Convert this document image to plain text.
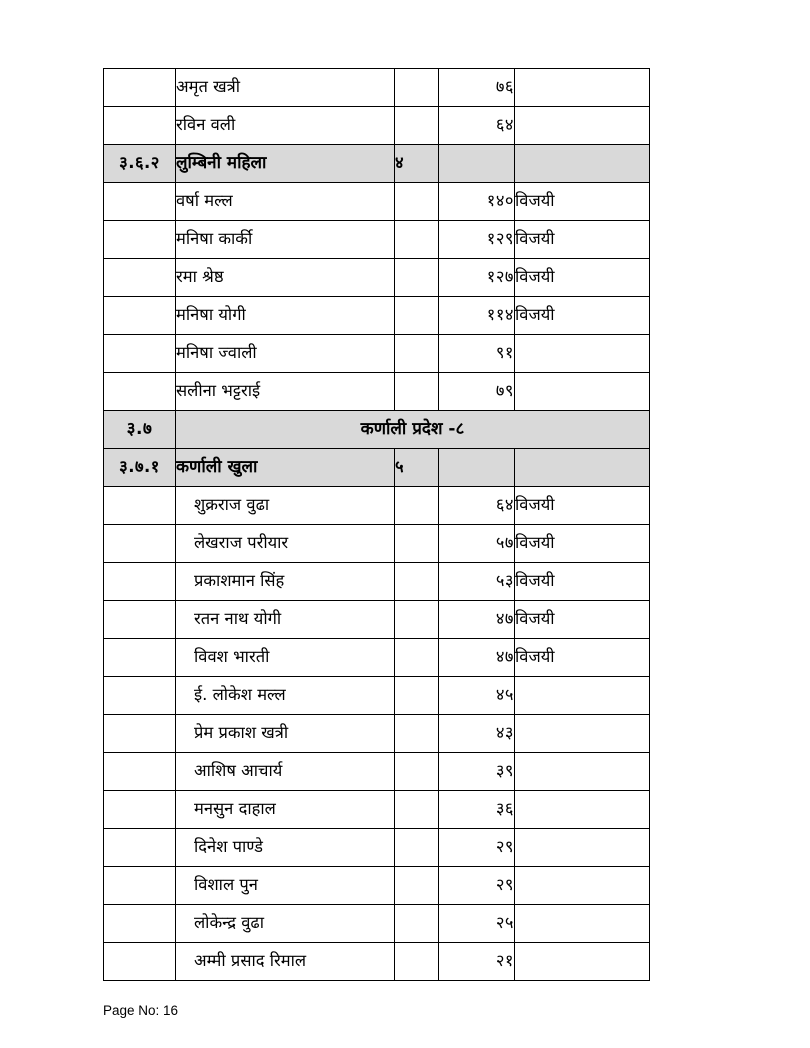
	अमृत खत्री		७६	
	रविन वली		६४	
३.६.२	लुम्बिनी महिला	४		
	वर्षा मल्ल		१४०	विजयी
	मनिषा कार्की		१२९	विजयी
	रमा श्रेष्ठ		१२७	विजयी
	मनिषा योगी		११४	विजयी
	मनिषा ज्वाली		९१	
	सलीना भट्टराई		७९	
३.७	कर्णाली प्रदेश -८			
३.७.१	कर्णाली खुला	५		
	शुक्रराज वुढा		६४	विजयी
	लेखराज परीयार		५७	विजयी
	प्रकाशमान सिंह		५३	विजयी
	रतन नाथ योगी		४७	विजयी
	विवश भारती		४७	विजयी
	ई. लोकेश मल्ल		४५	
	प्रेम प्रकाश खत्री		४३	
	आशिष आचार्य		३९	
	मनसुन दाहाल		३६	
	दिनेश पाण्डे		२९	
	विशाल पुन		२९	
	लोकेन्द्र वुढा		२५	
	अम्मी प्रसाद रिमाल		२१	
Page No: 16
